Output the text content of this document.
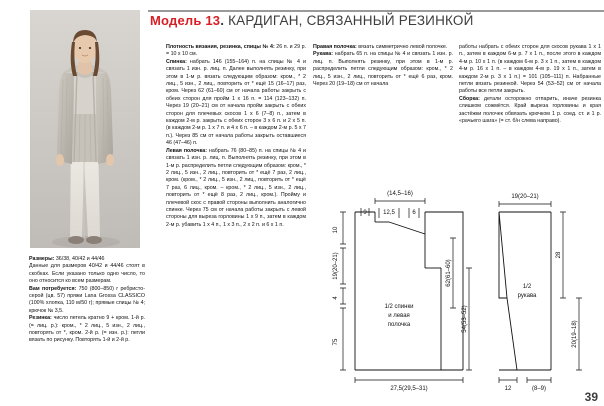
Модель 13. КАРДИГАН, СВЯЗАННЫЙ РЕЗИНКОЙ

Размеры: 36/38, 40/42 и 44/46

Данные для размеров 40/42 и 44/46 стоят в скобках. Если указано только одно число, то оно относится ко всем размерам.

Вам потребуется: 750 (800–850) г ребристо-серой (цв. 57) пряжи Lana Grossa CLASSICO (100% хлопка, 110 м/50 г); прямые спицы № 4; крючок № 3,5.

Резинка: число петель кратно 9 + кром. 1-й р. (= лиц. р.): кром., * 2 лиц., 5 изн., 2 лиц., повторять от *, кром. 2-й р. (= изн. р.): петли вязать по рисунку. Повторять 1-й и 2-й р.

Плотность вязания, резинка, спицы № 4: 26 п. и 29 р. = 10 x 10 см.

Спинка: набрать 146 (155–164) п. на спицы № 4 и связать 1 изн. р. лиц. п. Далее выполнять резинку, при этом в 1-м р. вязать следующим образом: кром., * 2 лиц., 5 изн., 2 лиц., повторить от * ещё 15 (16–17) раз, кром. Через 62 (61–60) см от начала работы закрыть с обеих сторон для пройм 1 x 16 п. = 114 (123–132) п. Через 19 (20–21) см от начала пройм закрыть с обеих сторон для плечевых скосов 1 x 6 (7–8) п., затем в каждом 2-м р. закрыть с обеих сторон 3 x 6 п. и 2 x 5 п. (в каждом 2-м р. 1 x 7 п. и 4 x 6 п. – в каждом 2-м р. 5 x 7 п.). Через 85 см от начала работы закрыть оставшиеся 46 (47–46) п.

Левая полочка: набрать 76 (80–85) п. на спицы № 4 и связать 1 изн. р. лиц. п. Выполнять резинку, при этом в 1-м р. распределить петли следующим образом: кром., * 2 лиц., 5 изн., 2 лиц., повторить от * ещё 7 раз, 2 лиц., кром. (кром., * 2 лиц., 5 изн., 2 лиц., повторить от * ещё 7 раз, 6 лиц., кром. – кром., * 2 лиц., 5 изн., 2 лиц., повторить от * ещё 8 раз, 2 лиц., кром.). Пройму и плечевой скос с правой стороны выполнить аналогично спинке. Через 75 см от начала работы закрыть с левой стороны для выреза горловины 1 x 9 п., затем в каждом 2-м р. убавить 1 x 4 п., 1 x 3 п., 2 x 2 п. и 6 x 1 п.

Правая полочка: вязать симметрично левой полочке.

Рукава: набрать 65 п. на спицы № 4 и связать 1 изн. р. лиц. п. Выполнять резинку, при этом в 1-м р. распределить петли следующим образом: кром., * 2 лиц., 5 изн., 2 лиц., повторить от * ещё 6 раз, кром. Через 20 (19–18) см от начала

работы набрать с обеих сторон для скосов рукава 1 x 1 п., затем в каждом 6-м р. 7 x 1 п., после этого в каждом 4-м р. 10 x 1 п. (в каждом 6-м р. 3 x 1 п., затем в каждом 4-м р. 16 x 1 п. – в каждом 4-м р. 19 x 1 п., затем в каждом 2-м р. 3 x 1 п.) = 101 (105–111) п. Набранные петли вязать резинкой. Через 54 (53–52) см от начала работы все петли закрыть.

Сборка: детали осторожно отпарить, иначе резинка слишком сожмётся. Край выреза горловины и края застёжки полочек обвязать крючком 1 р. соед. ст. и 1 р. «рачьего шага» (= ст. б/н слева направо).

(14,5–16)
9	12,5	6
10
19(20–21)
4
75
1/2 спинки
и левая
полочка
62(61–60)
54(53–52)
27,5(29,5–31)
19(20–21)
1/2
рукава
28
20(19–18)
12	(8–9)
39
